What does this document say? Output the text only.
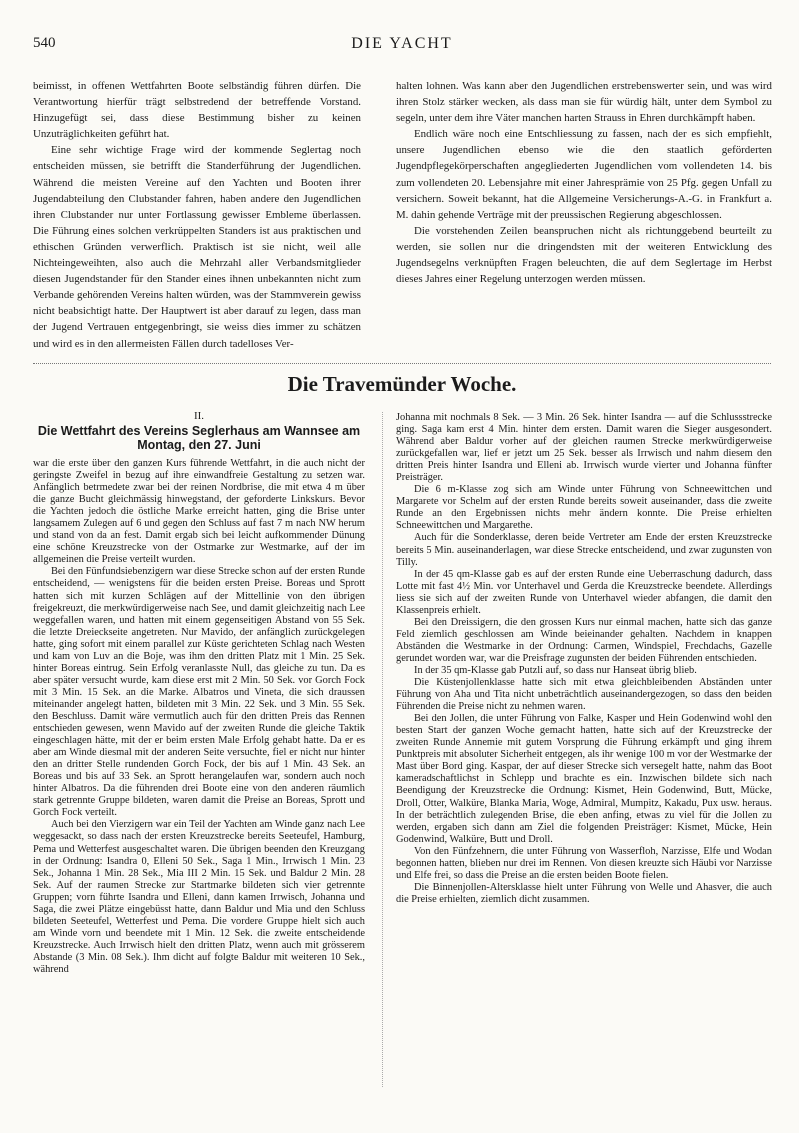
540	DIE YACHT

beimisst, in offenen Wettfahrten Boote selbständig führen dürfen. Die Verantwortung hierfür trägt selbstredend der betreffende Vorstand. Hinzugefügt sei, dass diese Bestimmung bisher zu keinen Unzuträglichkeiten geführt hat.

Eine sehr wichtige Frage wird der kommende Seglertag noch entscheiden müssen, sie betrifft die Standerführung der Jugendlichen. Während die meisten Vereine auf den Yachten und Booten ihrer Jugendabteilung den Clubstander fahren, haben andere den Jugendlichen ihren Clubstander nur unter Fortlassung gewisser Embleme überlassen. Die Führung eines solchen verkrüppelten Standers ist aus praktischen und ethischen Gründen verwerflich. Praktisch ist sie nicht, weil alle Nichteingeweihten, also auch die Mehrzahl aller Verbandsmitglieder diesen Jugendstander für den Stander eines ihnen unbekannten nicht zum Verbande gehörenden Vereins halten würden, was der Stammverein gewiss nicht beabsichtigt hatte. Der Hauptwert ist aber darauf zu legen, dass man der Jugend Vertrauen entgegenbringt, sie weiss dies immer zu schätzen und wird es in den allermeisten Fällen durch tadelloses Ver-

halten lohnen. Was kann aber den Jugendlichen erstrebenswerter sein, und was wird ihren Stolz stärker wecken, als dass man sie für würdig hält, unter dem Symbol zu segeln, unter dem ihre Väter manchen harten Strauss in Ehren durchkämpft haben.

Endlich wäre noch eine Entschliessung zu fassen, nach der es sich empfiehlt, unsere Jugendlichen ebenso wie die den staatlich geförderten Jugendpflegekörperschaften angegliederten Jugendlichen vom vollendeten 14. bis zum vollendeten 20. Lebensjahre mit einer Jahresprämie von 25 Pfg. gegen Unfall zu versichern. Soweit bekannt, hat die Allgemeine Versicherungs-A.-G. in Frankfurt a. M. dahin gehende Verträge mit der preussischen Regierung abgeschlossen.

Die vorstehenden Zeilen beanspruchen nicht als richtunggebend beurteilt zu werden, sie sollen nur die dringendsten mit der weiteren Entwicklung des Jugendsegelns verknüpften Fragen beleuchten, die auf dem Seglertage im Herbst dieses Jahres einer Regelung unterzogen werden müssen.

Die Travemünder Woche.
II.
Die Wettfahrt des Vereins Seglerhaus am Wannsee am Montag, den 27. Juni

war die erste über den ganzen Kurs führende Wettfahrt, in die auch nicht der geringste Zweifel in bezug auf ihre einwandfreie Gestaltung zu setzen war. Anfänglich betrmedete zwar bei der reinen Nordbrise, die mit etwa 4 m über die ganze Bucht gleichmässig hinwegstand, der geforderte Linkskurs. Bevor die Yachten jedoch die östliche Marke erreicht hatten, ging die Brise unter langsamem Zulegen auf 6 und gegen den Schluss auf fast 7 m nach NW herum und stand von da an fest. Damit ergab sich bei leicht aufkommender Dünung eine schöne Kreuzstrecke von der Ostmarke zur Westmarke, auf der im allgemeinen die Preise verteilt wurden.

Bei den Fünfundsiebenzigern war diese Strecke schon auf der ersten Runde entscheidend, — wenigstens für die beiden ersten Preise. Boreas und Sprott hatten sich mit kurzen Schlägen auf der Mittellinie von den übrigen freigekreuzt, die merkwürdigerweise nach See, und damit gleichzeitig nach Lee weggefallen waren, und hatten mit einem gegenseitigen Abstand von 55 Sek. die letzte Dreieckseite angetreten. Nur Mavido, der anfänglich zurückgelegen hatte, ging sofort mit einem parallel zur Küste gerichteten Schlag nach Westen und kam von Luv an die Boje, was ihm den dritten Platz mit 1 Min. 25 Sek. hinter Boreas eintrug. Sein Erfolg veranlasste Null, das gleiche zu tun. Da es aber später versucht wurde, kam diese erst mit 2 Min. 50 Sek. vor Gorch Fock mit 3 Min. 15 Sek. an die Marke. Albatros und Vineta, die sich draussen miteinander angelegt hatten, bildeten mit 3 Min. 22 Sek. und 3 Min. 55 Sek. den Beschluss. Damit wäre vermutlich auch für den dritten Preis das Rennen entschieden gewesen, wenn Mavido auf der zweiten Runde die gleiche Taktik eingeschlagen hätte, mit der er beim ersten Male Erfolg gehabt hatte. Da er es aber am Winde diesmal mit der anderen Seite versuchte, fiel er nicht nur hinter den an dritter Stelle rundenden Gorch Fock, der bis auf 1 Min. 43 Sek. an Boreas und bis auf 33 Sek. an Sprott herangelaufen war, sondern auch noch hinter Albatros. Da die führenden drei Boote eine von den anderen räumlich stark getrennte Gruppe bildeten, waren damit die Preise an Boreas, Sprott und Gorch Fock verteilt.

Auch bei den Vierzigern war ein Teil der Yachten am Winde ganz nach Lee weggesackt, so dass nach der ersten Kreuzstrecke bereits Seeteufel, Hamburg, Pema und Wetterfest ausgeschaltet waren. Die übrigen beenden den Kreuzgang in der Ordnung: Isandra 0, Elleni 50 Sek., Saga 1 Min., Irrwisch 1 Min. 23 Sek., Johanna 1 Min. 28 Sek., Mia III 2 Min. 15 Sek. und Baldur 2 Min. 28 Sek. Auf der raumen Strecke zur Startmarke bildeten sich vier getrennte Gruppen; vorn führte Isandra und Elleni, dann kamen Irrwisch, Johanna und Saga, die zwei Plätze eingebüsst hatte, dann Baldur und Mia und den Schluss bildeten Seeteufel, Wetterfest und Pema. Die vordere Gruppe hielt sich auch am Winde vorn und beendete mit 1 Min. 12 Sek. die zweite entscheidende Kreuzstrecke. Auch Irrwisch hielt den dritten Platz, wenn auch mit grösserem Abstande (3 Min. 08 Sek.). Ihm dicht auf folgte Baldur mit weiteren 10 Sek., während

Johanna mit nochmals 8 Sek. — 3 Min. 26 Sek. hinter Isandra — auf die Schlussstrecke ging. Saga kam erst 4 Min. hinter dem ersten. Damit waren die Sieger ausgesondert. Während aber Baldur vorher auf der gleichen raumen Strecke merkwürdigerweise zurückgefallen war, lief er jetzt um 25 Sek. besser als Irrwisch und nahm diesem den dritten Preis hinter Isandra und Elleni ab. Irrwisch wurde vierter und Johanna fünfter Preisträger.

Die 6 m-Klasse zog sich am Winde unter Führung von Schneewittchen und Margarete vor Schelm auf der ersten Runde bereits soweit auseinander, dass die zweite Runde an den Ergebnissen nichts mehr ändern konnte. Die Preise erhielten Schneewittchen und Margarethe.

Auch für die Sonderklasse, deren beide Vertreter am Ende der ersten Kreuzstrecke bereits 5 Min. auseinanderlagen, war diese Strecke entscheidend, und zwar zugunsten von Tilly.

In der 45 qm-Klasse gab es auf der ersten Runde eine Ueberraschung dadurch, dass Lotte mit fast 4½ Min. vor Unterhavel und Gerda die Kreuzstrecke beendete. Allerdings liess sie sich auf der zweiten Runde von Unterhavel wieder abfangen, die damit den Klassenpreis erhielt.

Bei den Dreissigern, die den grossen Kurs nur einmal machen, hatte sich das ganze Feld ziemlich geschlossen am Winde beieinander gehalten. Nachdem in knappen Abständen die Westmarke in der Ordnung: Carmen, Windspiel, Frechdachs, Gazelle gerundet worden war, war die Preisfrage zugunsten der beiden Führenden entschieden.

In der 35 qm-Klasse gab Putzli auf, so dass nur Hanseat übrig blieb.

Die Küstenjollenklasse hatte sich mit etwa gleichbleibenden Abständen unter Führung von Aha und Tita nicht unbeträchtlich auseinandergezogen, so dass den beiden Führenden die Preise nicht zu nehmen waren.

Bei den Jollen, die unter Führung von Falke, Kasper und Hein Godenwind wohl den besten Start der ganzen Woche gemacht hatten, hatte sich auf der Kreuzstrecke der zweiten Runde Annemie mit gutem Vorsprung die Führung erkämpft und ging ihrem Punktpreis mit absoluter Sicherheit entgegen, als ihr wenige 100 m vor der Westmarke der Mast über Bord ging. Kaspar, der auf dieser Strecke sich versegelt hatte, nahm das Boot kameradschaftlichst in Schlepp und brachte es ein. Inzwischen bildete sich nach Beendigung der Kreuzstrecke die Ordnung: Kismet, Hein Godenwind, Butt, Mücke, Droll, Otter, Walküre, Blanka Maria, Woge, Admiral, Mumpitz, Kakadu, Pux usw. heraus. In der beträchtlich zulegenden Brise, die eben anfing, etwas zu viel für die Jollen zu werden, ergaben sich dann am Ziel die folgenden Preisträger: Kismet, Mücke, Hein Godenwind, Walküre, Butt und Droll.

Von den Fünfzehnern, die unter Führung von Wasserfloh, Narzisse, Elfe und Wodan begonnen hatten, blieben nur drei im Rennen. Von diesen kreuzte sich Häubi vor Narzisse und Elfe frei, so dass die Preise an die ersten beiden Boote fielen.

Die Binnenjollen-Altersklasse hielt unter Führung von Welle und Ahasver, die auch die Preise erhielten, ziemlich dicht zusammen.
